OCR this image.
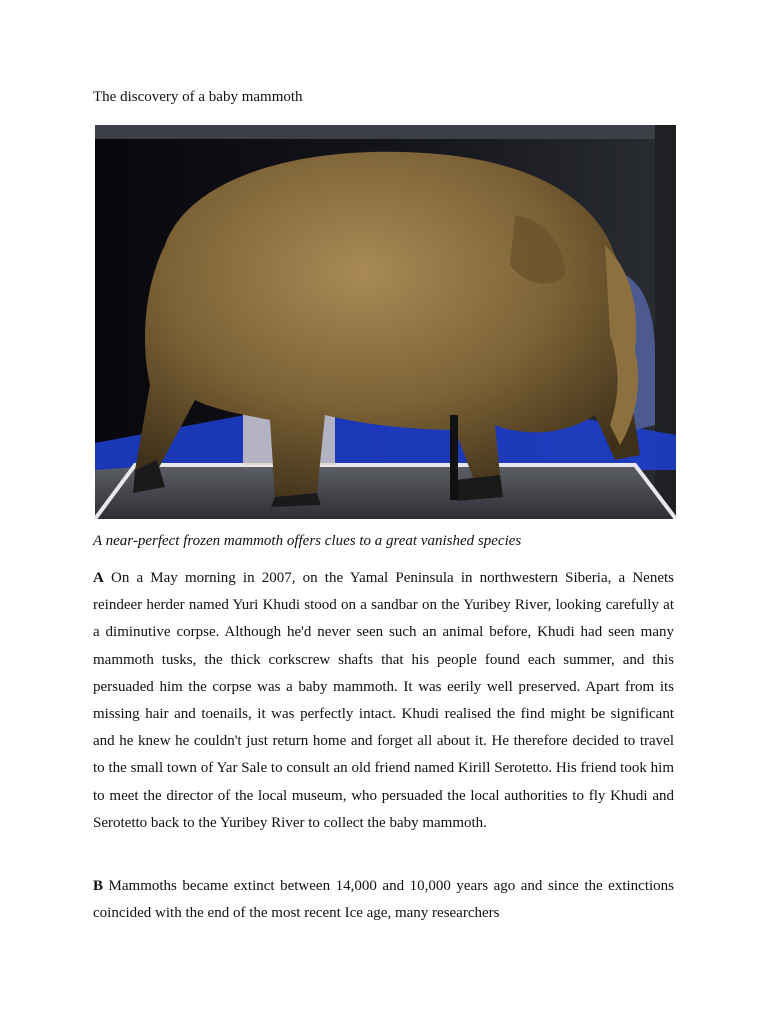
The discovery of a baby mammoth
A near-perfect frozen mammoth offers clues to a great vanished species

A On a May morning in 2007, on the Yamal Peninsula in northwestern Siberia, a Nenets reindeer herder named Yuri Khudi stood on a sandbar on the Yuribey River, looking carefully at a diminutive corpse. Although he'd never seen such an animal before, Khudi had seen many mammoth tusks, the thick corkscrew shafts that his people found each summer, and this persuaded him the corpse was a baby mammoth. It was eerily well preserved. Apart from its missing hair and toenails, it was perfectly intact. Khudi realised the find might be significant and he knew he couldn't just return home and forget all about it. He therefore decided to travel to the small town of Yar Sale to consult an old friend named Kirill Serotetto. His friend took him to meet the director of the local museum, who persuaded the local authorities to fly Khudi and Serotetto back to the Yuribey River to collect the baby mammoth.

B Mammoths became extinct between 14,000 and 10,000 years ago and since the extinctions coincided with the end of the most recent Ice age, many researchers
